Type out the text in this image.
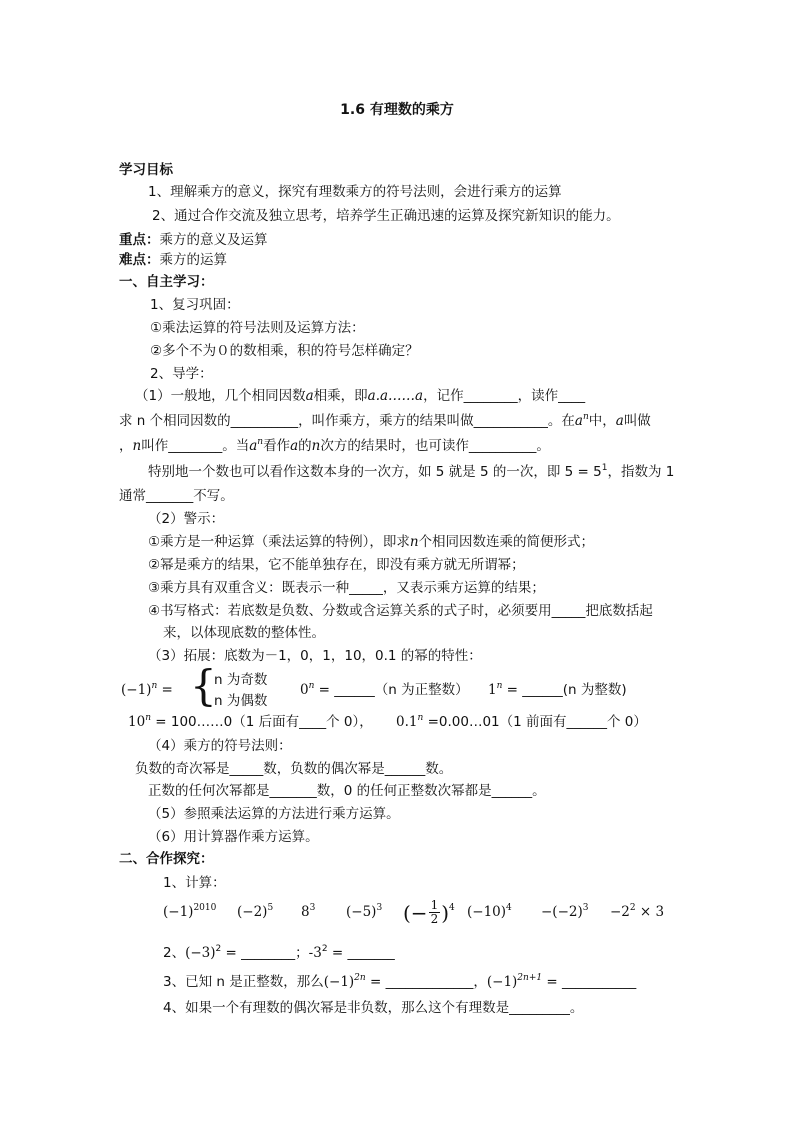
1.6 有理数的乘方
学习目标
1、理解乘方的意义，探究有理数乘方的符号法则，会进行乘方的运算
2、通过合作交流及独立思考，培养学生正确迅速的运算及探究新知识的能力。
重点：乘方的意义及运算
难点：乘方的运算
一、自主学习：
1、复习巩固：
①乘法运算的符号法则及运算方法：
②多个不为０的数相乘，积的符号怎样确定？
2、导学：
（1）一般地，几个相同因数a相乘，即a.a……a，记作________，读作____
求 n 个相同因数的__________，叫作乘方，乘方的结果叫做___________。在$a^n$中，a叫做
，n叫作________。当$a^n$看作a的n次方的结果时，也可读作__________。
特别地一个数也可以看作这数本身的一次方，如 5 就是 5 的一次，即 $5 = 5^1$，指数为 1
通常_______不写。
（2）警示：
①乘方是一种运算（乘法运算的特例），即求n个相同因数连乘的简便形式；
②幂是乘方的结果，它不能单独存在，即没有乘方就无所谓幂；
③乘方具有双重含义：既表示一种_____，又表示乘方运算的结果；
④书写格式：若底数是负数、分数或含运算关系的式子时，必须要用_____把底数括起
来，以体现底数的整体性。
（3）拓展：底数为－1，0，1，10，0.1 的幂的特性：
$(-1)^n$ = {
n 为奇数
n 为偶数
$0^n$ = ______（n 为正整数） $1^n$ = ______(n 为整数)
$10^n$ = 100……0（1 后面有____个 0）， $0.1^n$ =0.00…01（1 前面有______个 0）
（4）乘方的符号法则：
负数的奇次幂是_____数，负数的偶次幂是______数。
正数的任何次幂都是_______数，0 的任何正整数次幂都是______。
（5）参照乘法运算的方法进行乘方运算。
（6）用计算器作乘方运算。
二、合作探究：
1、计算：
$(-1)^{2010}$ $(-2)^5$ $8^3$ $(-5)^3$ (− $\frac{1}{2} )^4$ $(-10)^4 -(-2)^3 -2^2 \times 3$
2、$(-3)^2$ = ________；$-3^2$ = _______
3、已知 n 是正整数，那么$(-1)^{2n}$ = _____________，$(-1)^{2n+1}$ = ___________
4、如果一个有理数的偶次幂是非负数，那么这个有理数是_________。
